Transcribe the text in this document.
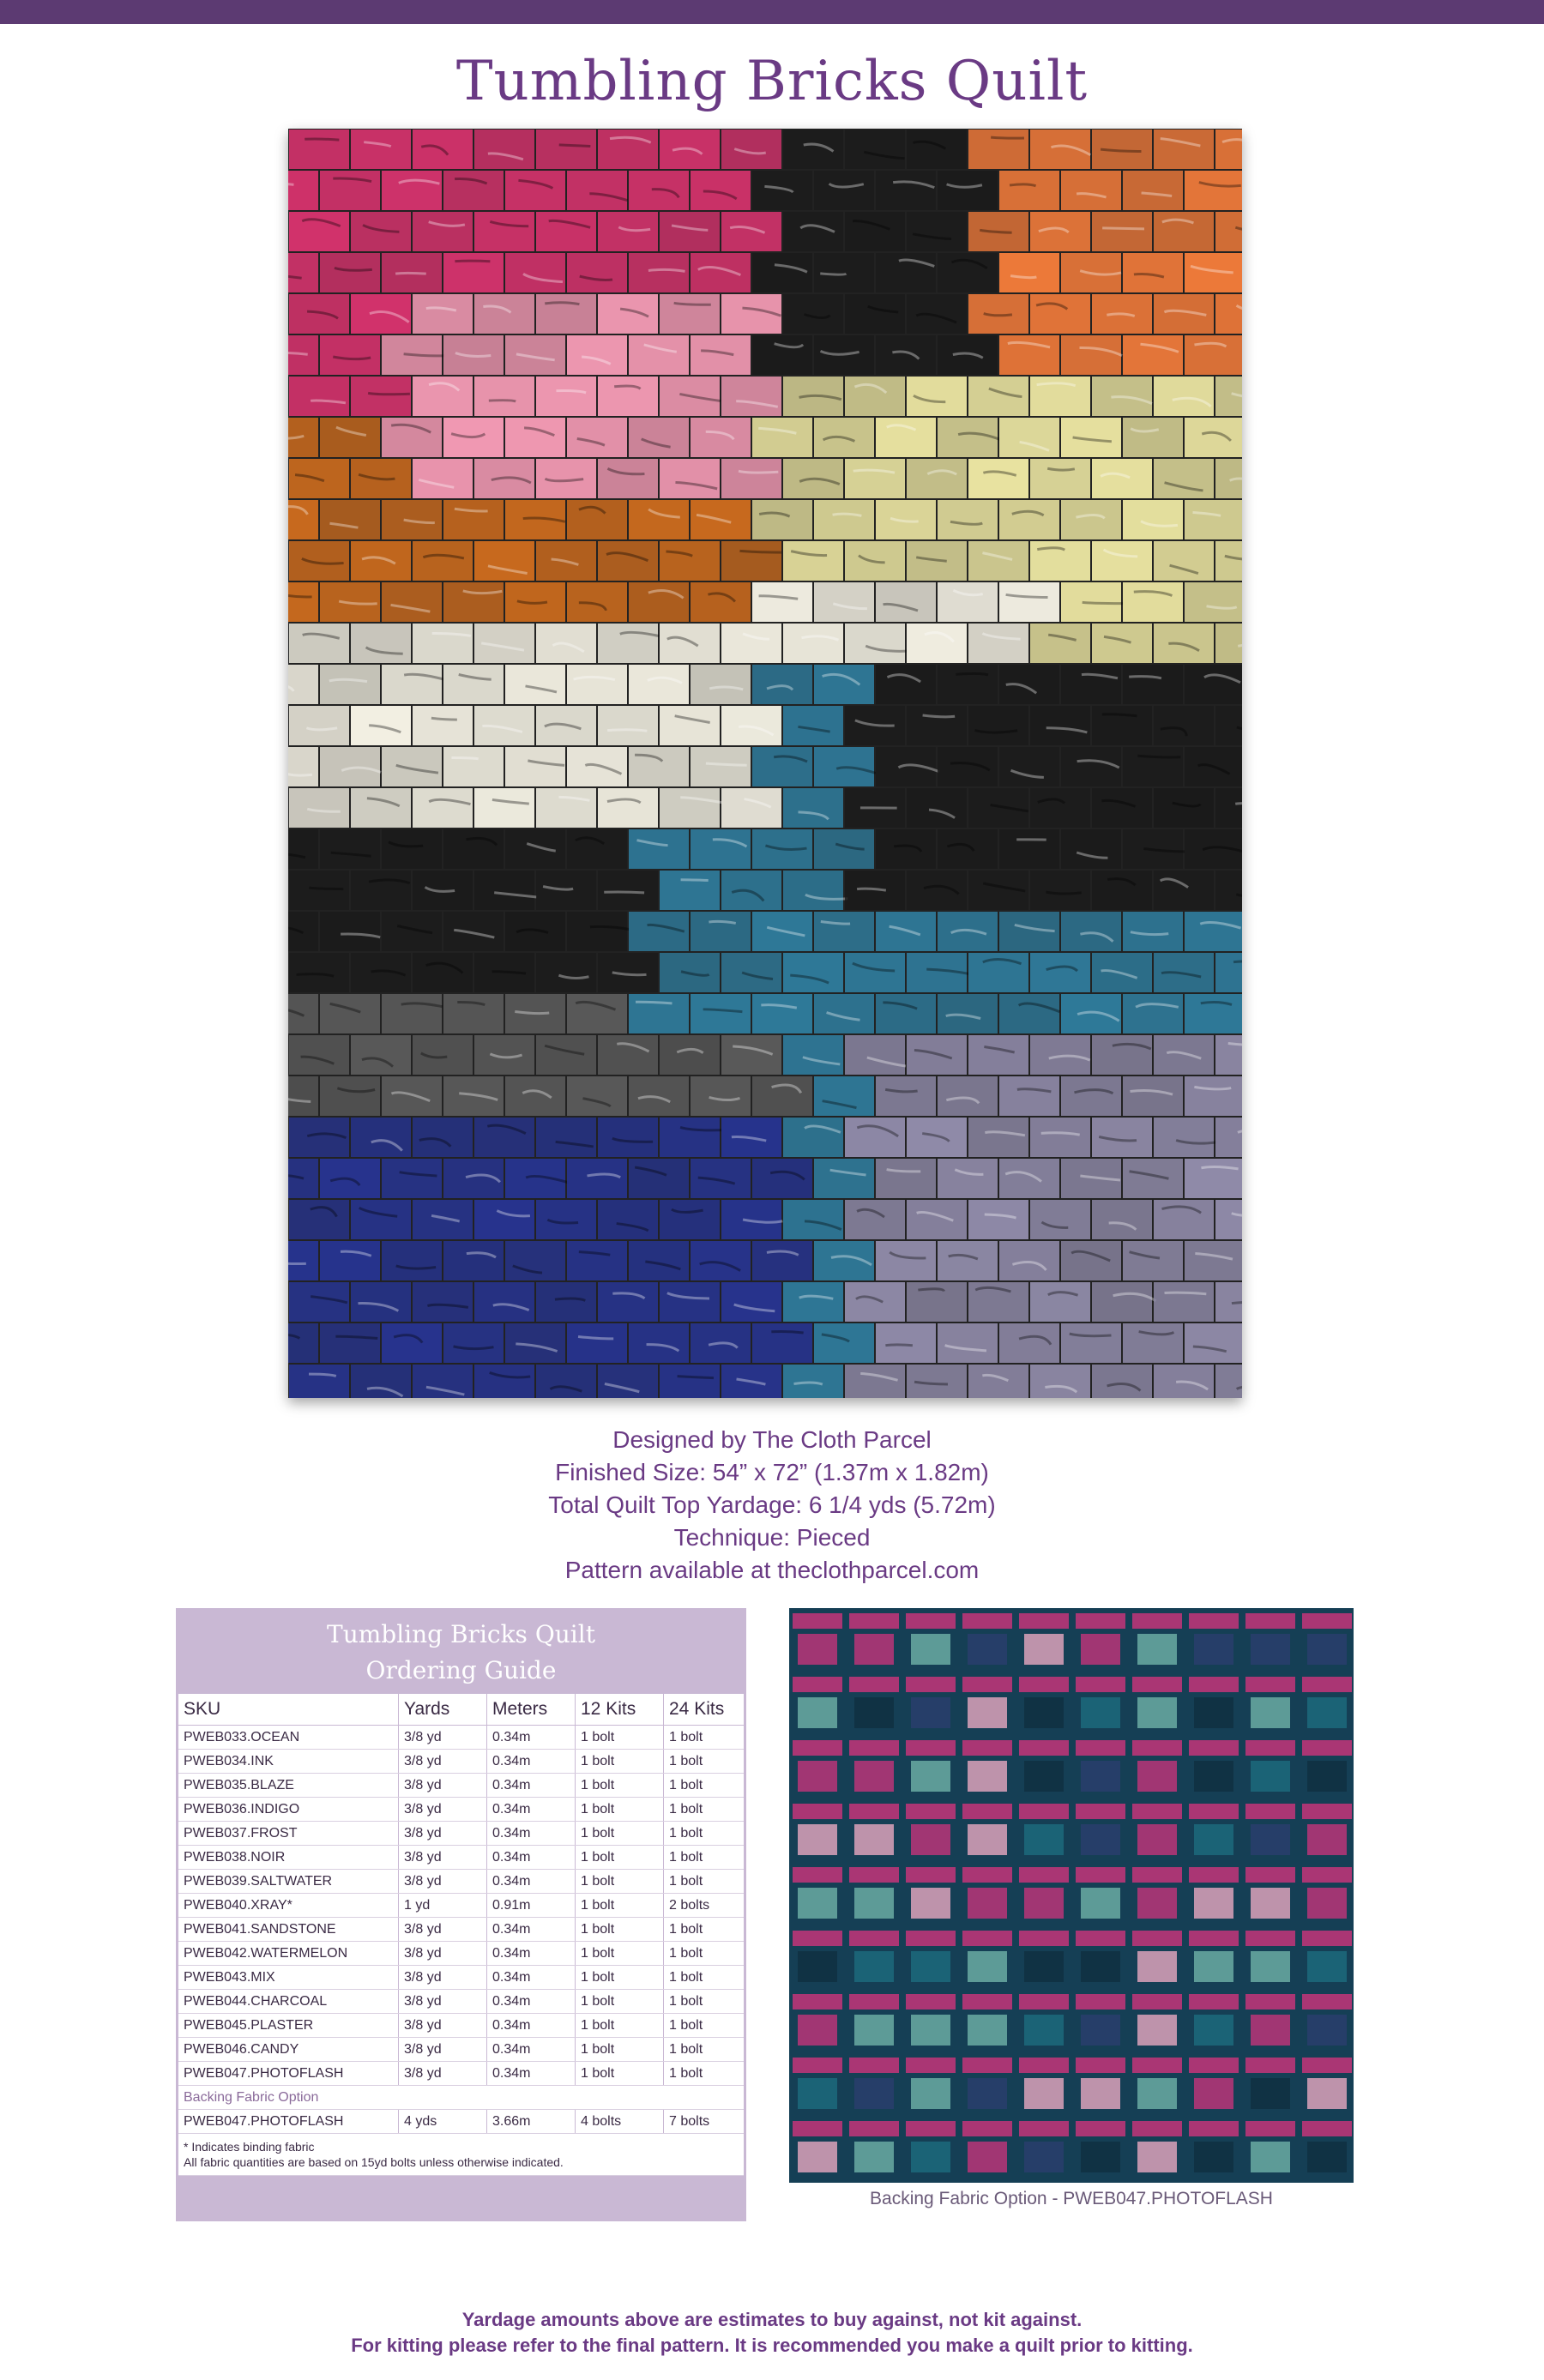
Tumbling Bricks Quilt
Designed by The Cloth Parcel
Finished Size: 54” x 72” (1.37m x 1.82m)
Total Quilt Top Yardage: 6 1/4 yds (5.72m)
Technique: Pieced
Pattern available at theclothparcel.com
Tumbling Bricks Quilt
Ordering Guide
SKU	Yards	Meters	12 Kits	24 Kits
PWEB033.OCEAN	3/8 yd	0.34m	1 bolt	1 bolt
PWEB034.INK	3/8 yd	0.34m	1 bolt	1 bolt
PWEB035.BLAZE	3/8 yd	0.34m	1 bolt	1 bolt
PWEB036.INDIGO	3/8 yd	0.34m	1 bolt	1 bolt
PWEB037.FROST	3/8 yd	0.34m	1 bolt	1 bolt
PWEB038.NOIR	3/8 yd	0.34m	1 bolt	1 bolt
PWEB039.SALTWATER	3/8 yd	0.34m	1 bolt	1 bolt
PWEB040.XRAY*	1 yd	0.91m	1 bolt	2 bolts
PWEB041.SANDSTONE	3/8 yd	0.34m	1 bolt	1 bolt
PWEB042.WATERMELON	3/8 yd	0.34m	1 bolt	1 bolt
PWEB043.MIX	3/8 yd	0.34m	1 bolt	1 bolt
PWEB044.CHARCOAL	3/8 yd	0.34m	1 bolt	1 bolt
PWEB045.PLASTER	3/8 yd	0.34m	1 bolt	1 bolt
PWEB046.CANDY	3/8 yd	0.34m	1 bolt	1 bolt
PWEB047.PHOTOFLASH	3/8 yd	0.34m	1 bolt	1 bolt
Backing Fabric Option				
PWEB047.PHOTOFLASH	4 yds	3.66m	4 bolts	7 bolts

* Indicates binding fabric
All fabric quantities are based on 15yd bolts unless otherwise indicated.				
Backing Fabric Option - PWEB047.PHOTOFLASH
Yardage amounts above are estimates to buy against, not kit against.
For kitting please refer to the final pattern. It is recommended you make a quilt prior to kitting.
